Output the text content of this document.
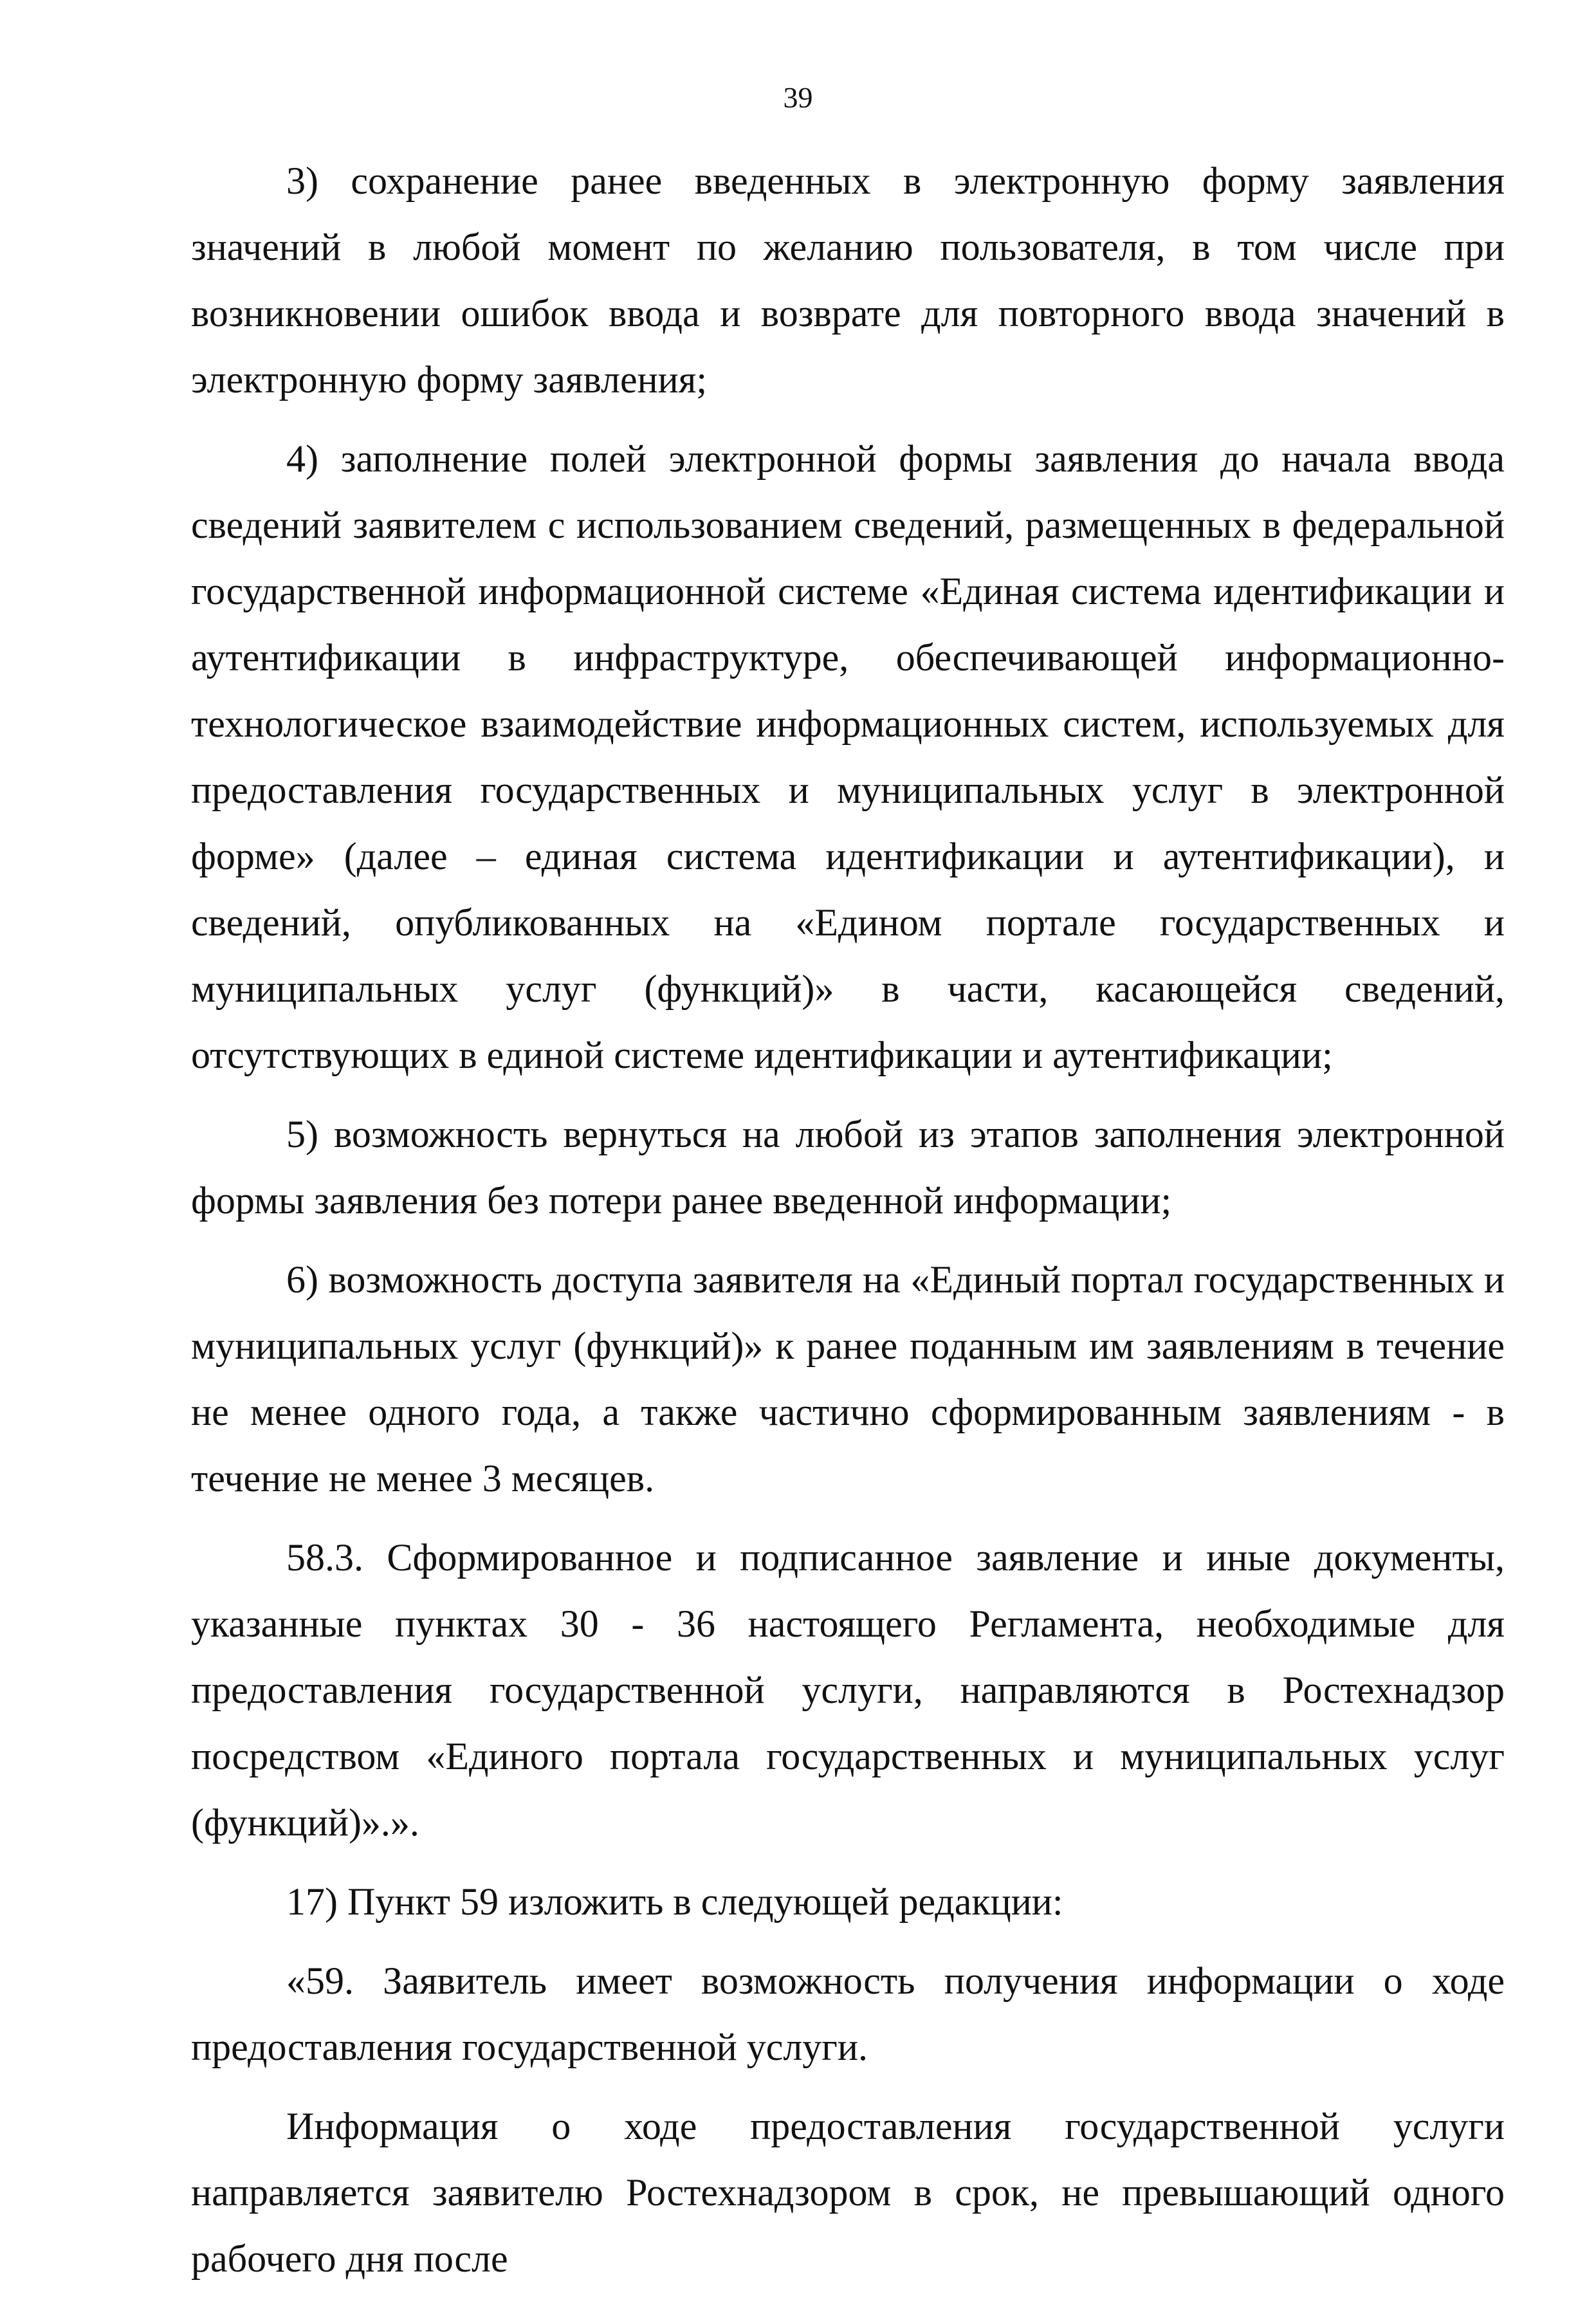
39

3) сохранение ранее введенных в электронную форму заявления значений в любой момент по желанию пользователя, в том числе при возникновении ошибок ввода и возврате для повторного ввода значений в электронную форму заявления;

4) заполнение полей электронной формы заявления до начала ввода сведений заявителем с использованием сведений, размещенных в федеральной государственной информационной системе «Единая система идентификации и аутентификации в инфраструктуре, обеспечивающей информационно-технологическое взаимодействие информационных систем, используемых для предоставления государственных и муниципальных услуг в электронной форме» (далее – единая система идентификации и аутентификации), и сведений, опубликованных на «Едином портале государственных и муниципальных услуг (функций)» в части, касающейся сведений, отсутствующих в единой системе идентификации и аутентификации;

5) возможность вернуться на любой из этапов заполнения электронной формы заявления без потери ранее введенной информации;

6) возможность доступа заявителя на «Единый портал государственных и муниципальных услуг (функций)» к ранее поданным им заявлениям в течение не менее одного года, а также частично сформированным заявлениям - в течение не менее 3 месяцев.

58.3. Сформированное и подписанное заявление и иные документы, указанные пунктах 30 - 36 настоящего Регламента, необходимые для предоставления государственной услуги, направляются в Ростехнадзор посредством «Единого портала государственных и муниципальных услуг (функций)».».

17) Пункт 59 изложить в следующей редакции:

«59. Заявитель имеет возможность получения информации о ходе предоставления государственной услуги.

Информация о ходе предоставления государственной услуги направляется заявителю Ростехнадзором в срок, не превышающий одного рабочего дня после
